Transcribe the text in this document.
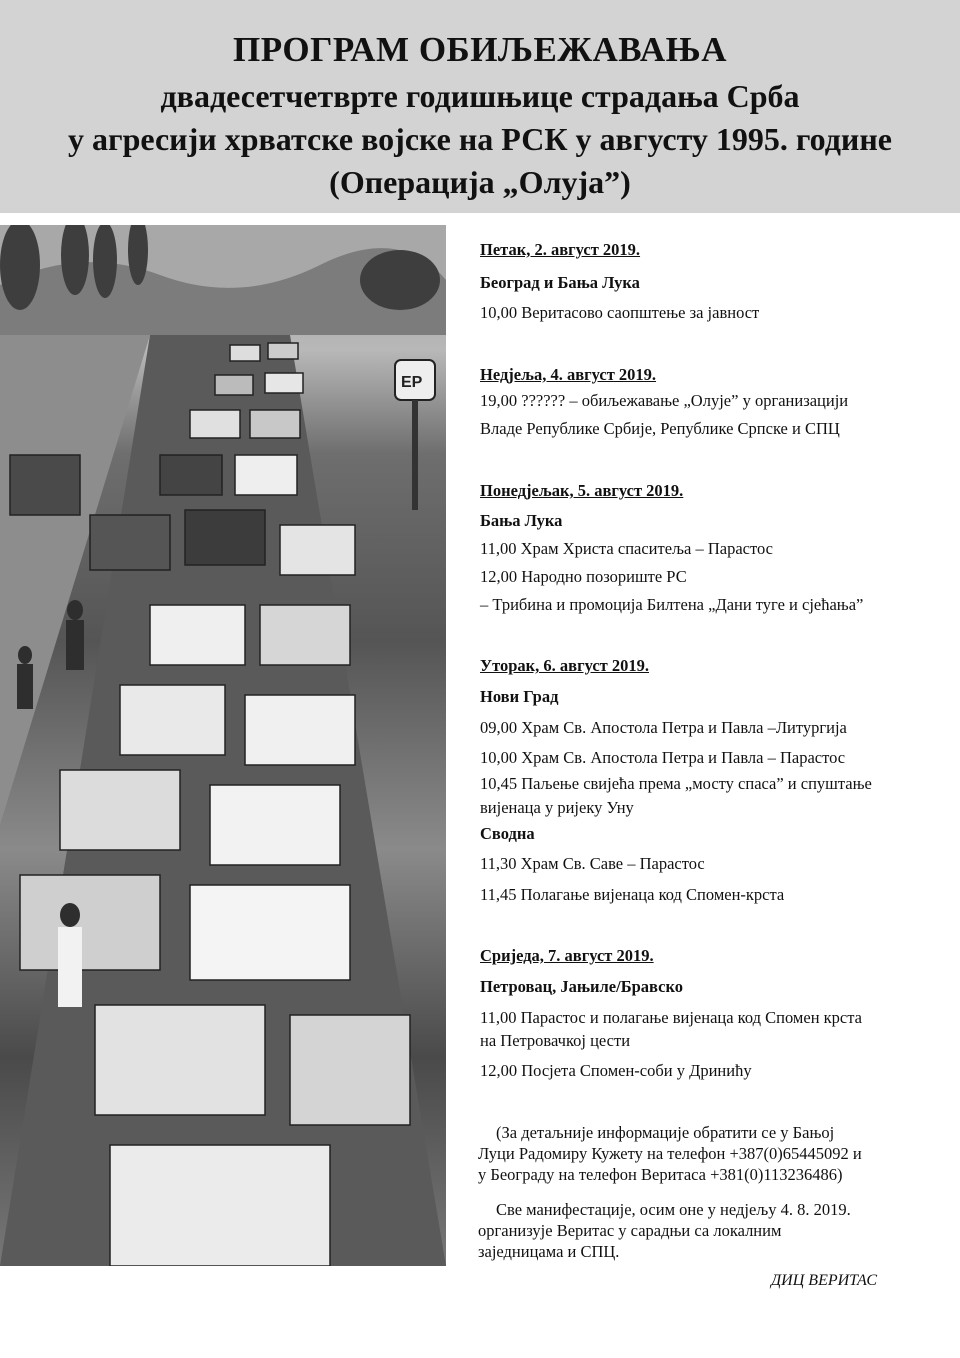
ПРОГРАМ ОБИЉЕЖАВАЊА
двадесетчетврте годишњице страдања Срба
у агресији хрватске војске на РСК у августу 1995. године
(Операција „Олуја”)
EP
Петак, 2. август 2019.
Београд и Бања Лука
10,00 Веритасово саопштење за јавност
Недјеља, 4. август 2019.
19,00 ?????? – обиљежавање „Олује” у организацији
Владе Републике Србије, Републике Српске и СПЦ
Понедјељак, 5. август 2019.
Бања Лука
11,00 Храм Христа спаситеља – Парастос
12,00 Народно позориште РС
– Трибина и промоција Билтена „Дани туге и сјећања”
Уторак, 6. август 2019.
Нови Град
09,00 Храм Св. Апостола Петра и Павла –Литургија
10,00 Храм Св. Апостола Петра и Павла – Парастос
10,45 Паљење свијећа према „мосту спаса” и спуштање
вијенаца у ријеку Уну
Сводна
11,30 Храм Св. Саве – Парастос
11,45 Полагање вијенаца код Спомен-крста
Сриједа, 7. август 2019.
Петровац, Јањиле/Бравско
11,00 Парастос и полагање вијенаца код Спомен крста
на Петровачкој цести
12,00 Посјета Спомен-соби у Дринићу
(За детаљније информације обратити се у Бањој
Луци Радомиру Кужету на телефон +387(0)65445092 и
у Београду на телефон Веритаса +381(0)113236486)
Све манифестације, осим оне у недјељу 4. 8. 2019.
организује Веритас у сарадњи са локалним
заједницама и СПЦ.
ДИЦ ВЕРИТАС
